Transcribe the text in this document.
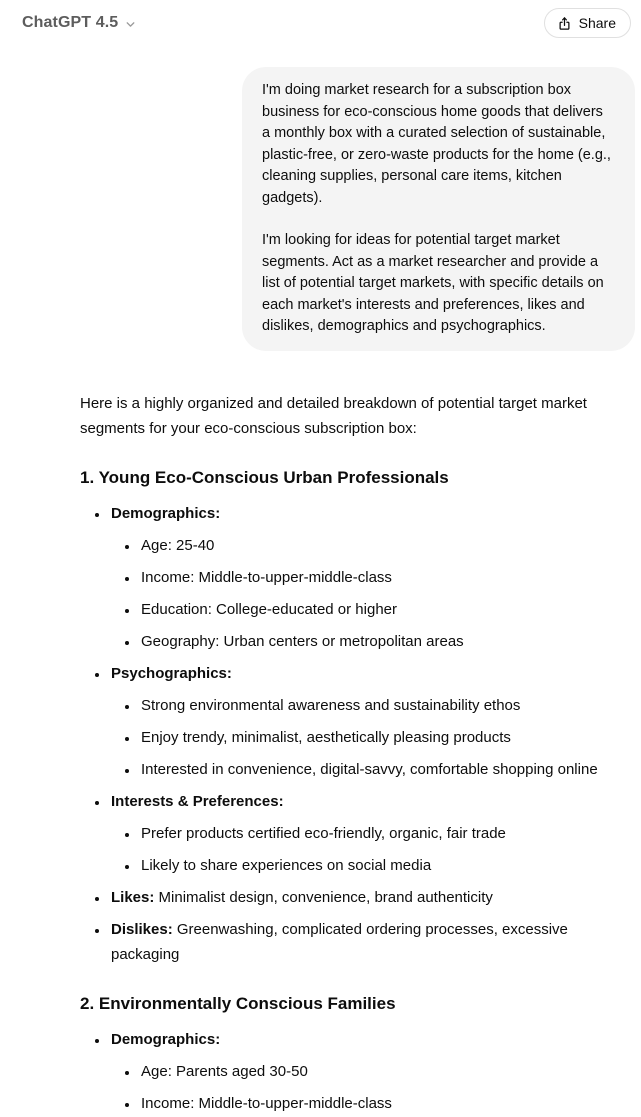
ChatGPT 4.5	Share

I'm doing market research for a subscription box business for eco-conscious home goods that delivers a monthly box with a curated selection of sustainable, plastic-free, or zero-waste products for the home (e.g., cleaning supplies, personal care items, kitchen gadgets).

I'm looking for ideas for potential target market segments. Act as a market researcher and provide a list of potential target markets, with specific details on each market's interests and preferences, likes and dislikes, demographics and psychographics.

Here is a highly organized and detailed breakdown of potential target market segments for your eco-conscious subscription box:

1. Young Eco-Conscious Urban Professionals
• Demographics:
• Age: 25-40
• Income: Middle-to-upper-middle-class
• Education: College-educated or higher
• Geography: Urban centers or metropolitan areas
• Psychographics:
• Strong environmental awareness and sustainability ethos
• Enjoy trendy, minimalist, aesthetically pleasing products
• Interested in convenience, digital-savvy, comfortable shopping online
• Interests & Preferences:
• Prefer products certified eco-friendly, organic, fair trade
• Likely to share experiences on social media
• Likes: Minimalist design, convenience, brand authenticity
• Dislikes: Greenwashing, complicated ordering processes, excessive packaging
2. Environmentally Conscious Families
• Demographics:
• Age: Parents aged 30-50
• Income: Middle-to-upper-middle-class
